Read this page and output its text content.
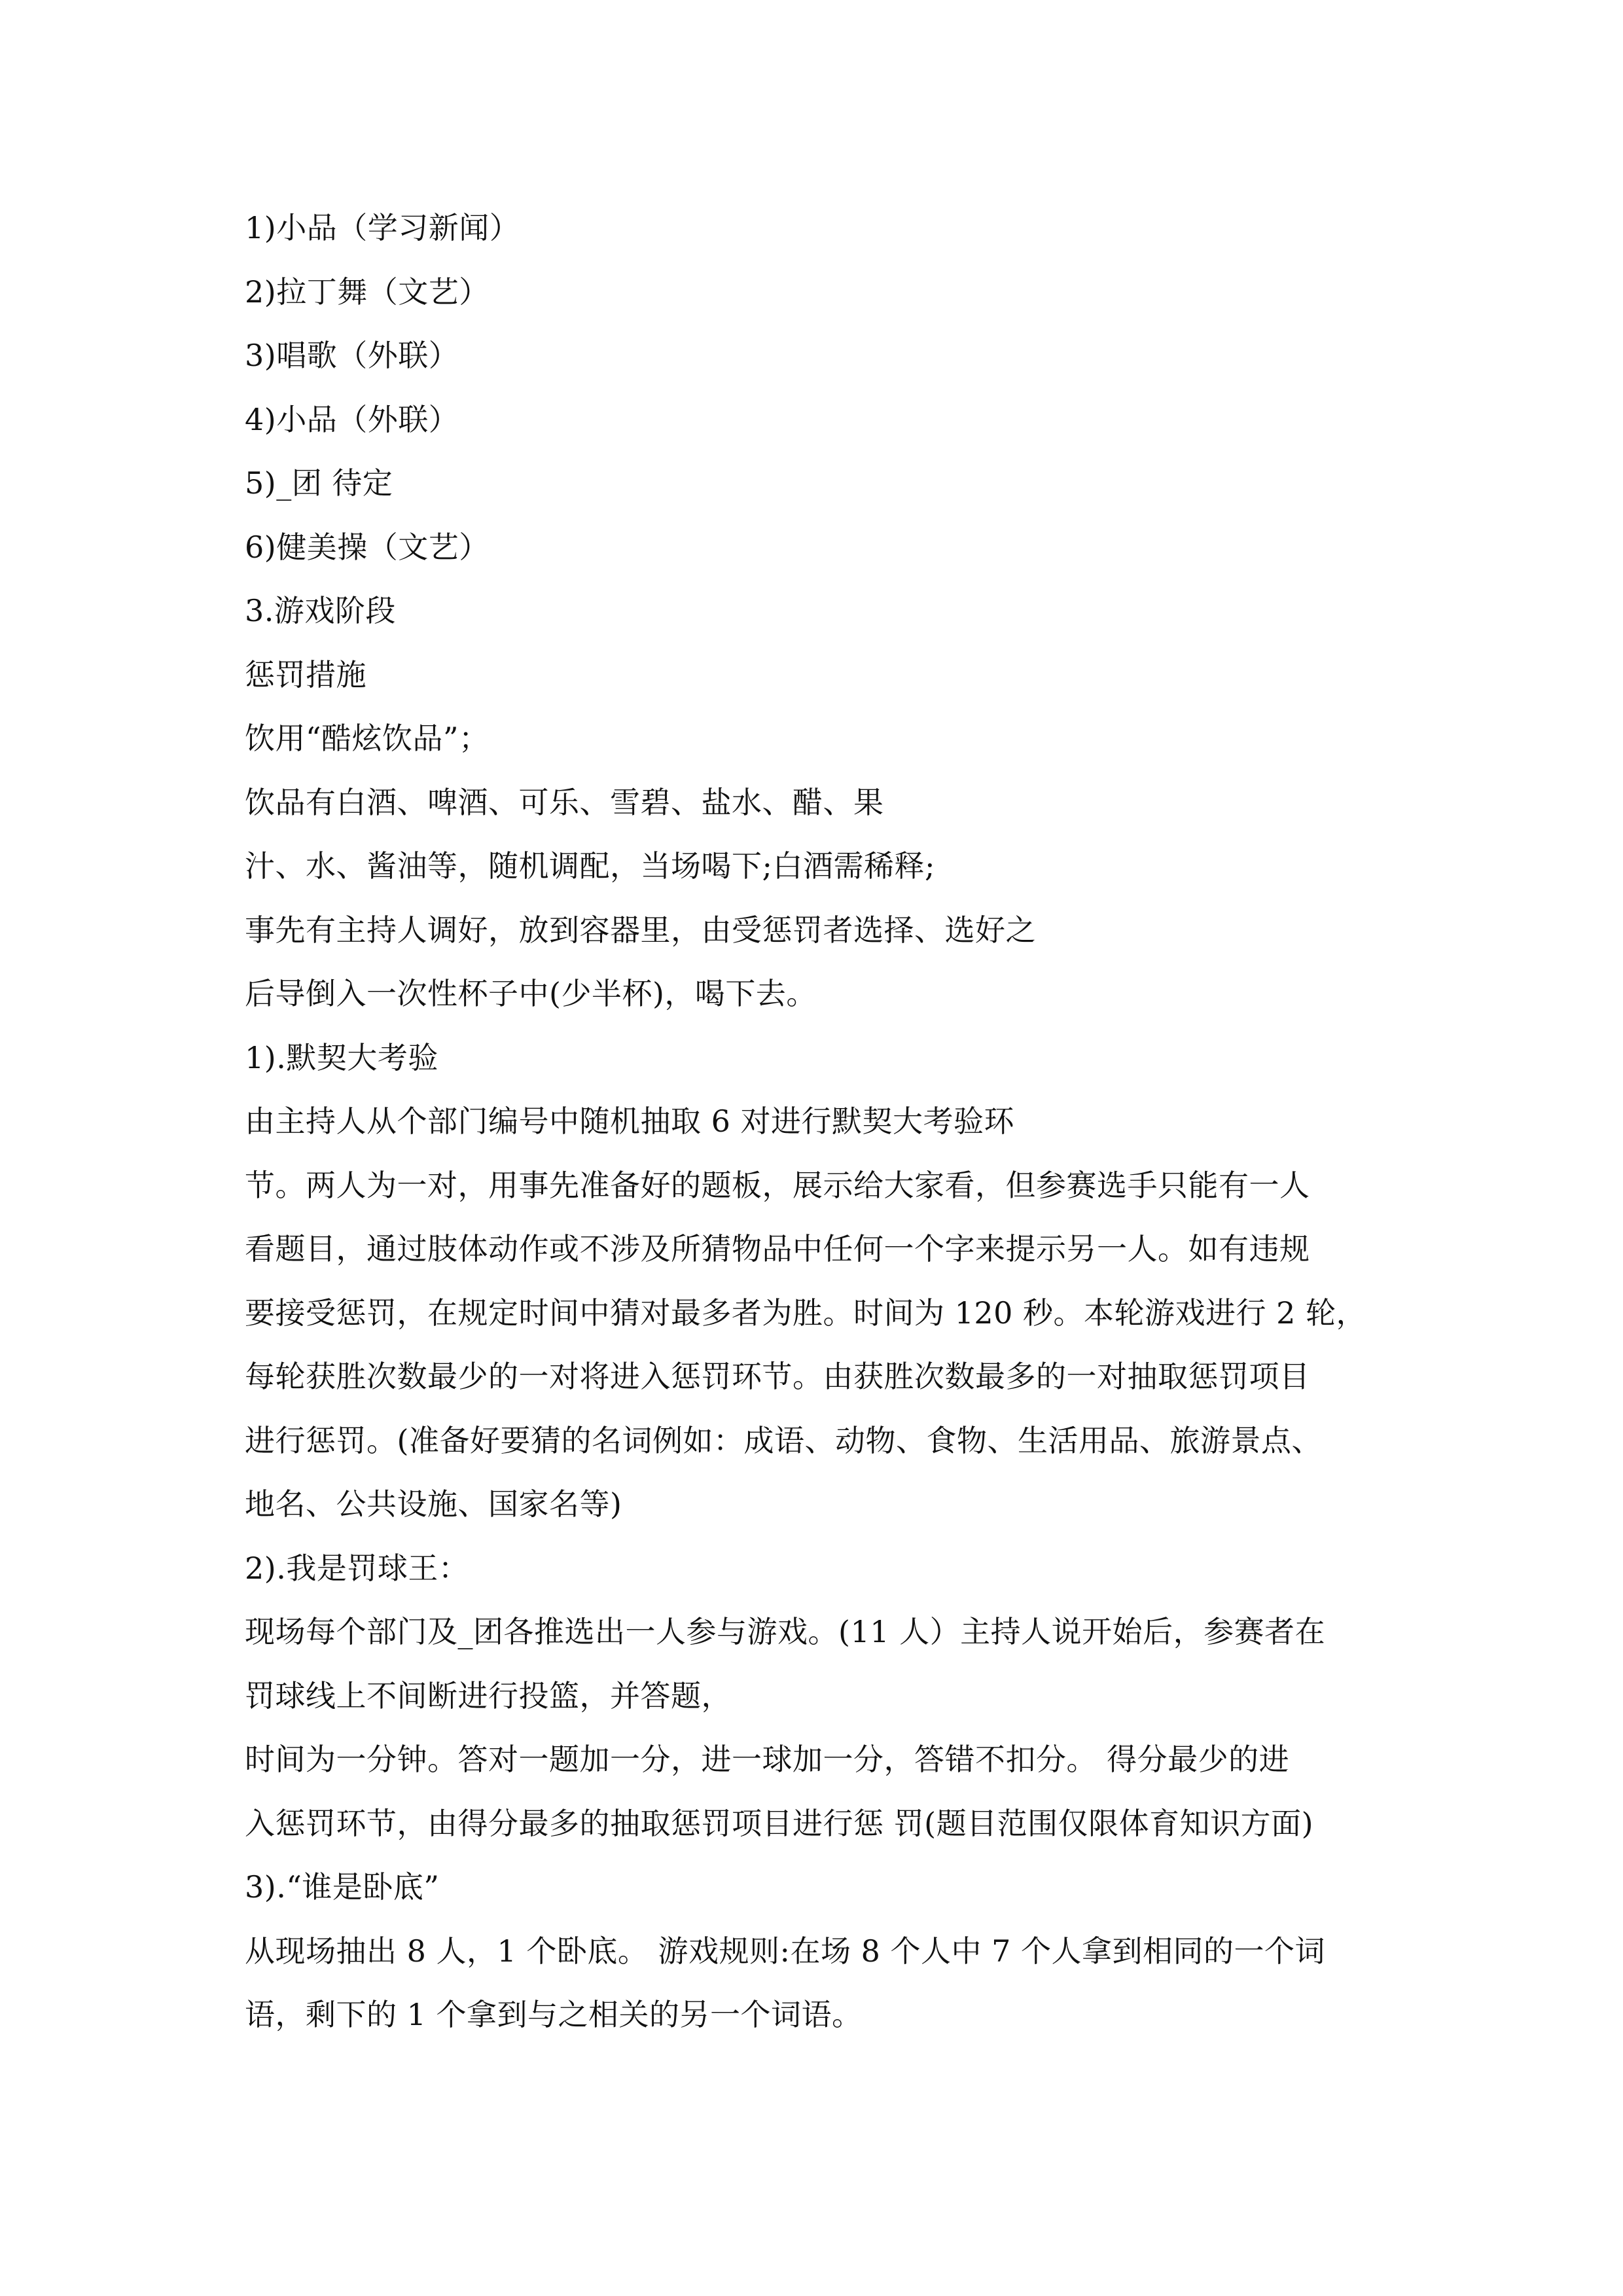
1)小品（学习新闻）
2)拉丁舞（文艺）
3)唱歌（外联）
4)小品（外联）
5)_团 待定
6)健美操（文艺）
3.游戏阶段
惩罚措施
饮用“酷炫饮品”；
饮品有白酒、啤酒、可乐、雪碧、盐水、醋、果
汁、水、酱油等，随机调配，当场喝下;白酒需稀释;
事先有主持人调好，放到容器里，由受惩罚者选择、选好之
后导倒入一次性杯子中(少半杯)，喝下去。
1).默契大考验
由主持人从个部门编号中随机抽取 6 对进行默契大考验环
节。两人为一对，用事先准备好的题板，展示给大家看，但参赛选手只能有一人
看题目，通过肢体动作或不涉及所猜物品中任何一个字来提示另一人。如有违规
要接受惩罚，在规定时间中猜对最多者为胜。时间为 120 秒。本轮游戏进行 2 轮，
每轮获胜次数最少的一对将进入惩罚环节。由获胜次数最多的一对抽取惩罚项目
进行惩罚。(准备好要猜的名词例如：成语、动物、食物、生活用品、旅游景点、
地名、公共设施、国家名等)
2).我是罚球王：
现场每个部门及_团各推选出一人参与游戏。(11 人）主持人说开始后，参赛者在
罚球线上不间断进行投篮，并答题，
时间为一分钟。答对一题加一分，进一球加一分，答错不扣分。 得分最少的进
入惩罚环节，由得分最多的抽取惩罚项目进行惩 罚(题目范围仅限体育知识方面)
3).“谁是卧底”
从现场抽出 8 人，1 个卧底。 游戏规则:在场 8 个人中 7 个人拿到相同的一个词
语，剩下的 1 个拿到与之相关的另一个词语。
